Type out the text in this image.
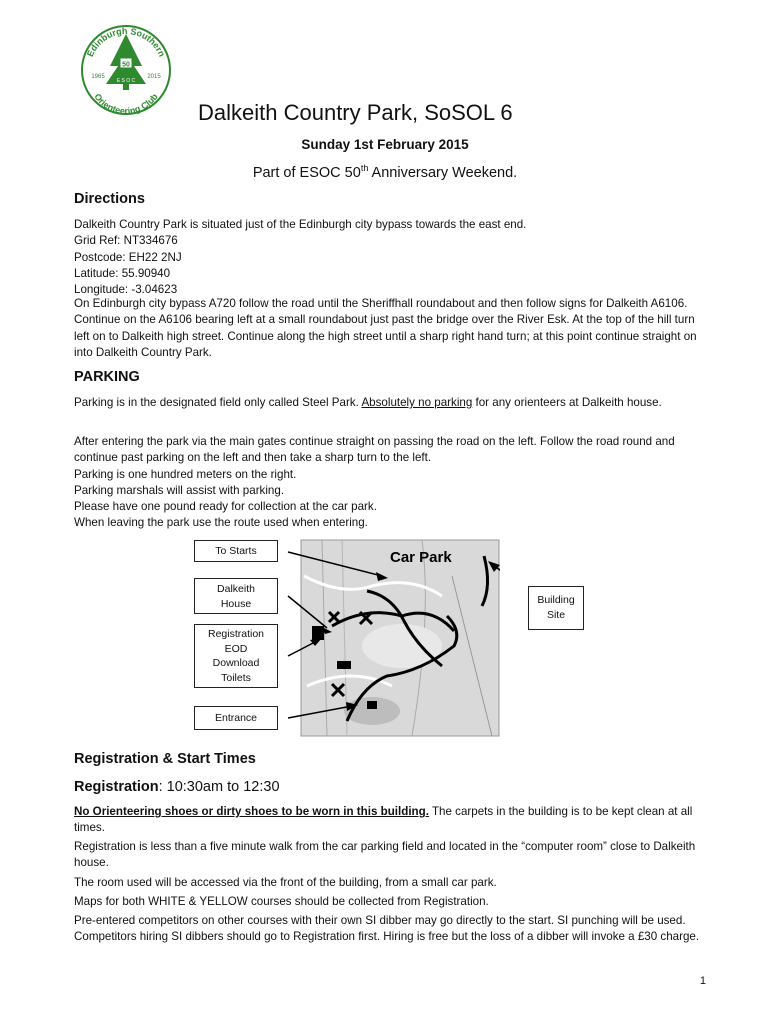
Edinburgh Southern
Orienteering Club
50
1965	2015
E S O C
Dalkeith Country Park, SoSOL 6
Sunday 1st February 2015
Part of ESOC 50th Anniversary Weekend.
Directions

Dalkeith Country Park is situated just of the Edinburgh city bypass towards the east end.

Grid Ref: NT334676

Postcode: EH22 2NJ

Latitude: 55.90940

Longitude: -3.04623

On Edinburgh city bypass A720 follow the road until the Sheriffhall roundabout and then follow signs for Dalkeith A6106. Continue on the A6106 bearing left at a small roundabout just past the bridge over the River Esk. At the top of the hill turn left on to Dalkeith high street. Continue along the high street until a sharp right hand turn; at this point continue straight on into Dalkeith Country Park.
PARKING
Parking is in the designated field only called Steel Park. Absolutely no parking for any orienteers at Dalkeith house.

After entering the park via the main gates continue straight on passing the road on the left. Follow the road round and continue past parking on the left and then take a sharp turn to the left.

Parking is one hundred meters on the right.

Parking marshals will assist with parking.

Please have one pound ready for collection at the car park.

When leaving the park use the route used when entering.

Car Park
To Starts
Dalkeith
House
Registration
EOD
Download
Toilets
Entrance
Building
Site
Registration & Start Times
Registration: 10:30am to 12:30
No Orienteering shoes or dirty shoes to be worn in this building. The carpets in the building is to be kept clean at all times.
Registration is less than a five minute walk from the car parking field and located in the “computer room” close to Dalkeith house.
The room used will be accessed via the front of the building, from a small car park.
Maps for both WHITE & YELLOW courses should be collected from Registration.
Pre-entered competitors on other courses with their own SI dibber may go directly to the start. SI punching will be used. Competitors hiring SI dibbers should go to Registration first. Hiring is free but the loss of a dibber will invoke a £30 charge.
1
